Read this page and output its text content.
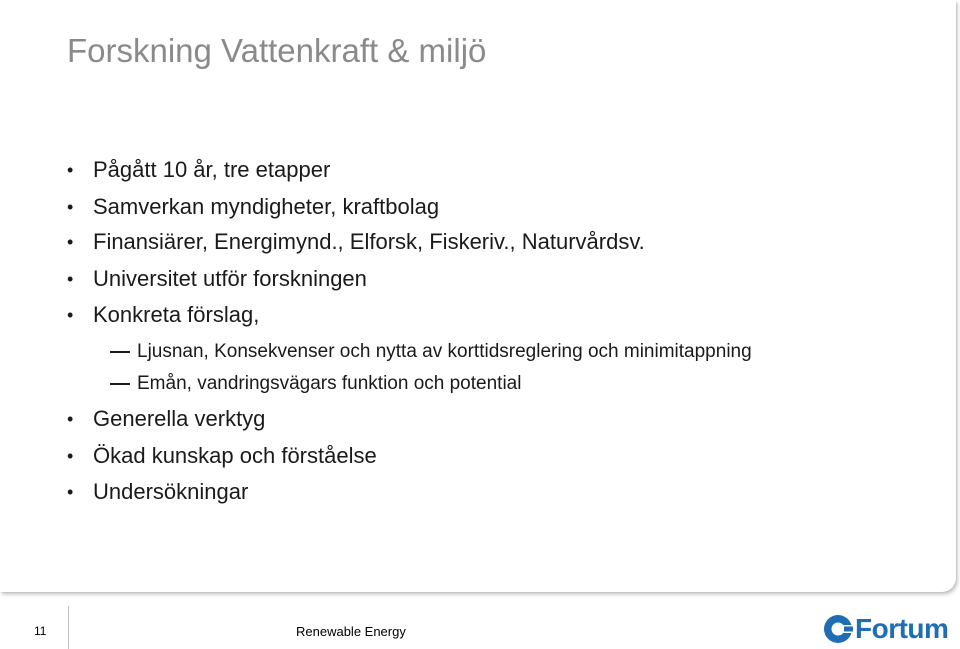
Forskning Vattenkraft & miljö
• Pågått 10 år, tre etapper
• Samverkan myndigheter, kraftbolag
• Finansiärer, Energimynd., Elforsk, Fiskeriv., Naturvårdsv.
• Universitet utför forskningen
• Konkreta förslag,
Ljusnan, Konsekvenser och nytta av korttidsreglering och minimitappning
Emån, vandringsvägars funktion och potential
• Generella verktyg
• Ökad kunskap och förståelse
• Undersökningar
11	Renewable Energy	Fortum
